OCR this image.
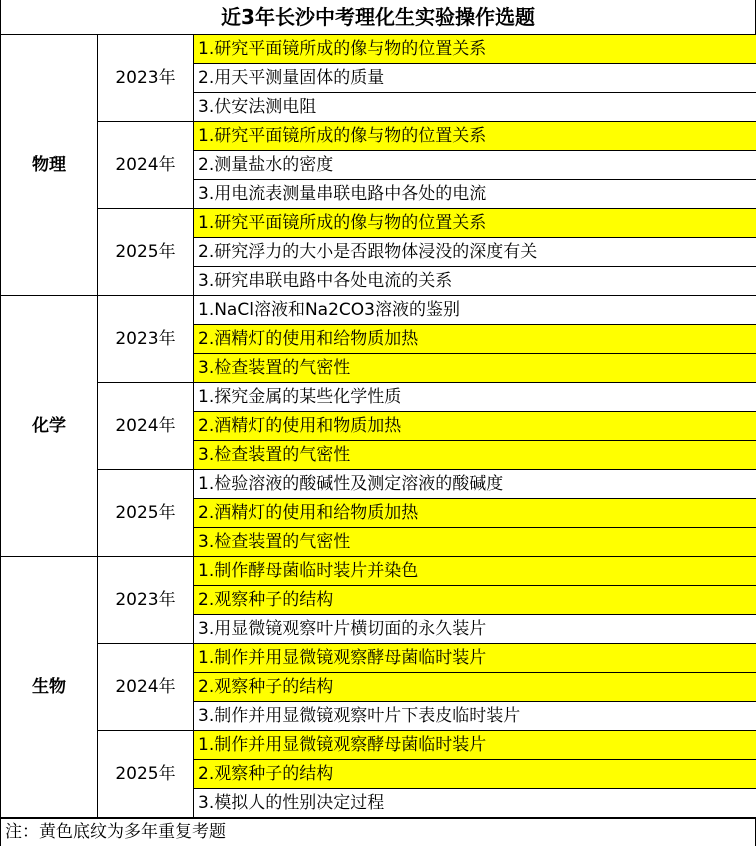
近3年长沙中考理化生实验操作选题
物理	2023年	1.研究平面镜所成的像与物的位置关系
		2.用天平测量固体的质量
		3.伏安法测电阻
	2024年	1.研究平面镜所成的像与物的位置关系
		2.测量盐水的密度
		3.用电流表测量串联电路中各处的电流
	2025年	1.研究平面镜所成的像与物的位置关系
		2.研究浮力的大小是否跟物体浸没的深度有关
		3.研究串联电路中各处电流的关系
化学	2023年	1.NaCl溶液和Na2CO3溶液的鉴别
		2.酒精灯的使用和给物质加热
		3.检查装置的气密性
	2024年	1.探究金属的某些化学性质
		2.酒精灯的使用和物质加热
		3.检查装置的气密性
	2025年	1.检验溶液的酸碱性及测定溶液的酸碱度
		2.酒精灯的使用和给物质加热
		3.检查装置的气密性
生物	2023年	1.制作酵母菌临时装片并染色
		2.观察种子的结构
		3.用显微镜观察叶片横切面的永久装片
	2024年	1.制作并用显微镜观察酵母菌临时装片
		2.观察种子的结构
		3.制作并用显微镜观察叶片下表皮临时装片
	2025年	1.制作并用显微镜观察酵母菌临时装片
		2.观察种子的结构
		3.模拟人的性别决定过程
注：黄色底纹为多年重复考题
